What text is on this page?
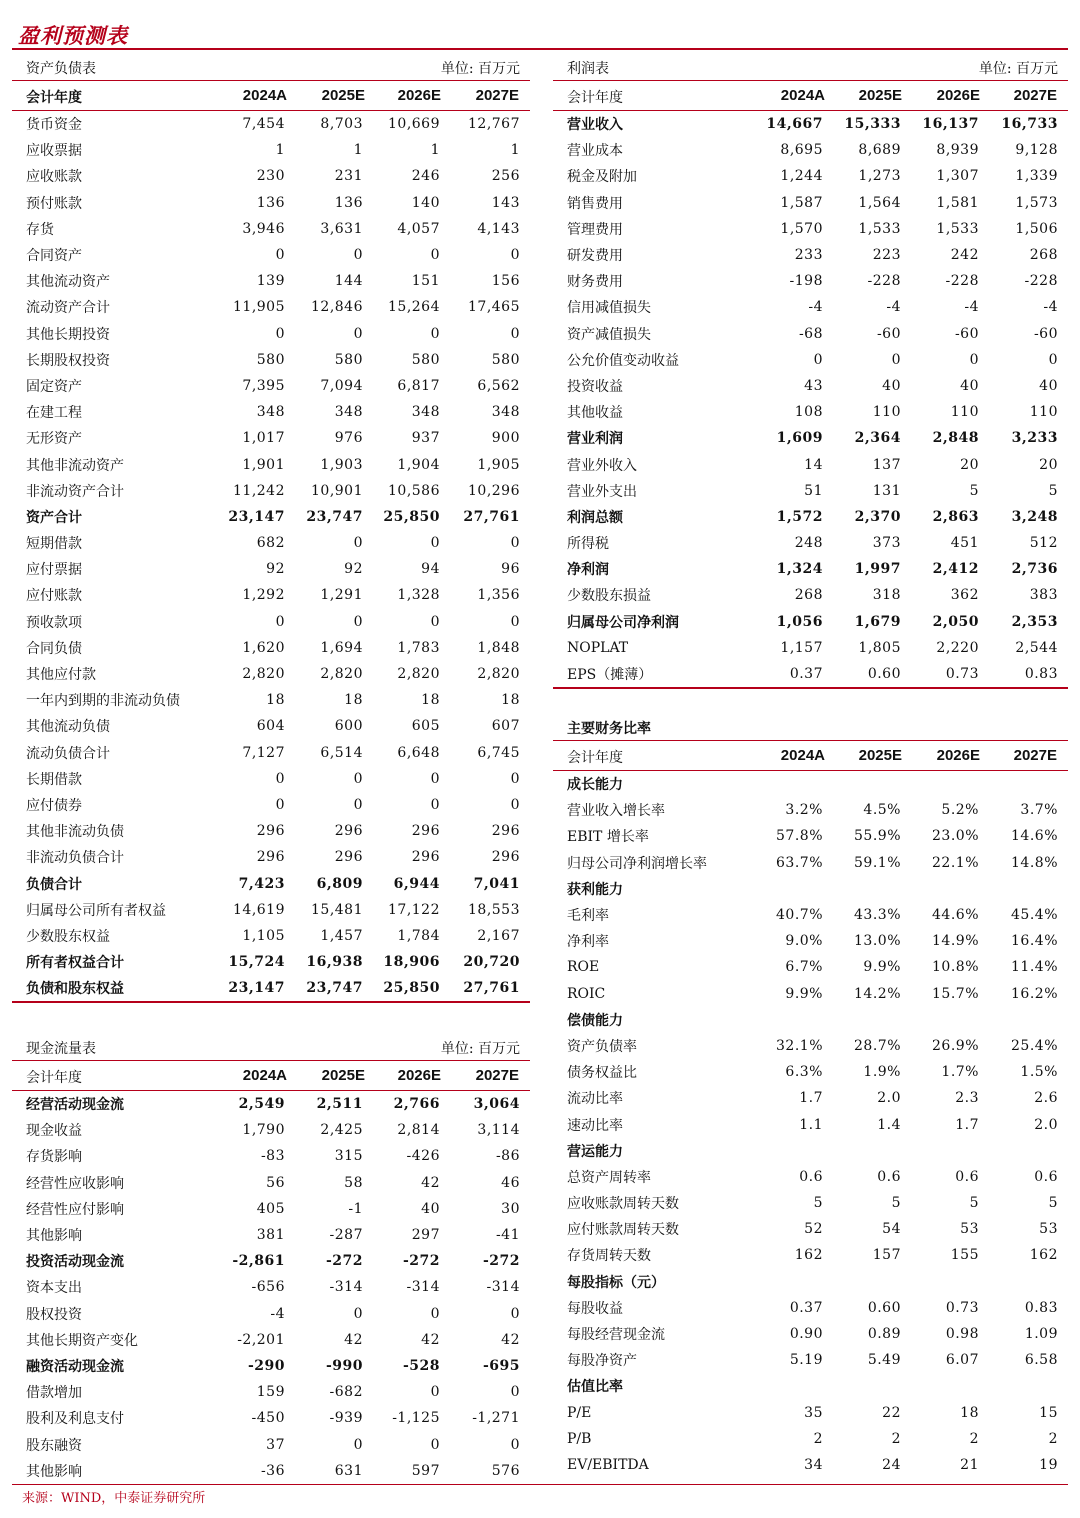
盈利预测表
资产负债表	单位: 百万元
会计年度	2024A	2025E	2026E	2027E
货币资金	7,454	8,703	10,669	12,767
应收票据	1	1	1	1
应收账款	230	231	246	256
预付账款	136	136	140	143
存货	3,946	3,631	4,057	4,143
合同资产	0	0	0	0
其他流动资产	139	144	151	156
流动资产合计	11,905	12,846	15,264	17,465
其他长期投资	0	0	0	0
长期股权投资	580	580	580	580
固定资产	7,395	7,094	6,817	6,562
在建工程	348	348	348	348
无形资产	1,017	976	937	900
其他非流动资产	1,901	1,903	1,904	1,905
非流动资产合计	11,242	10,901	10,586	10,296
资产合计	23,147	23,747	25,850	27,761
短期借款	682	0	0	0
应付票据	92	92	94	96
应付账款	1,292	1,291	1,328	1,356
预收款项	0	0	0	0
合同负债	1,620	1,694	1,783	1,848
其他应付款	2,820	2,820	2,820	2,820
一年内到期的非流动负债	18	18	18	18
其他流动负债	604	600	605	607
流动负债合计	7,127	6,514	6,648	6,745
长期借款	0	0	0	0
应付债券	0	0	0	0
其他非流动负债	296	296	296	296
非流动负债合计	296	296	296	296
负债合计	7,423	6,809	6,944	7,041
归属母公司所有者权益	14,619	15,481	17,122	18,553
少数股东权益	1,105	1,457	1,784	2,167
所有者权益合计	15,724	16,938	18,906	20,720
负债和股东权益	23,147	23,747	25,850	27,761
现金流量表	单位: 百万元
会计年度	2024A	2025E	2026E	2027E
经营活动现金流	2,549	2,511	2,766	3,064
现金收益	1,790	2,425	2,814	3,114
存货影响	-83	315	-426	-86
经营性应收影响	56	58	42	46
经营性应付影响	405	-1	40	30
其他影响	381	-287	297	-41
投资活动现金流	-2,861	-272	-272	-272
资本支出	-656	-314	-314	-314
股权投资	-4	0	0	0
其他长期资产变化	-2,201	42	42	42
融资活动现金流	-290	-990	-528	-695
借款增加	159	-682	0	0
股利及利息支付	-450	-939	-1,125	-1,271
股东融资	37	0	0	0
其他影响	-36	631	597	576
利润表	单位: 百万元
会计年度	2024A	2025E	2026E	2027E
营业收入	14,667	15,333	16,137	16,733
营业成本	8,695	8,689	8,939	9,128
税金及附加	1,244	1,273	1,307	1,339
销售费用	1,587	1,564	1,581	1,573
管理费用	1,570	1,533	1,533	1,506
研发费用	233	223	242	268
财务费用	-198	-228	-228	-228
信用减值损失	-4	-4	-4	-4
资产减值损失	-68	-60	-60	-60
公允价值变动收益	0	0	0	0
投资收益	43	40	40	40
其他收益	108	110	110	110
营业利润	1,609	2,364	2,848	3,233
营业外收入	14	137	20	20
营业外支出	51	131	5	5
利润总额	1,572	2,370	2,863	3,248
所得税	248	373	451	512
净利润	1,324	1,997	2,412	2,736
少数股东损益	268	318	362	383
归属母公司净利润	1,056	1,679	2,050	2,353
NOPLAT	1,157	1,805	2,220	2,544
EPS（摊薄）	0.37	0.60	0.73	0.83
主要财务比率
会计年度	2024A	2025E	2026E	2027E
成长能力				
营业收入增长率	3.2%	4.5%	5.2%	3.7%
EBIT 增长率	57.8%	55.9%	23.0%	14.6%
归母公司净利润增长率	63.7%	59.1%	22.1%	14.8%
获利能力				
毛利率	40.7%	43.3%	44.6%	45.4%
净利率	9.0%	13.0%	14.9%	16.4%
ROE	6.7%	9.9%	10.8%	11.4%
ROIC	9.9%	14.2%	15.7%	16.2%
偿债能力				
资产负债率	32.1%	28.7%	26.9%	25.4%
债务权益比	6.3%	1.9%	1.7%	1.5%
流动比率	1.7	2.0	2.3	2.6
速动比率	1.1	1.4	1.7	2.0
营运能力				
总资产周转率	0.6	0.6	0.6	0.6
应收账款周转天数	5	5	5	5
应付账款周转天数	52	54	53	53
存货周转天数	162	157	155	162
每股指标（元）				
每股收益	0.37	0.60	0.73	0.83
每股经营现金流	0.90	0.89	0.98	1.09
每股净资产	5.19	5.49	6.07	6.58
估值比率				
P/E	35	22	18	15
P/B	2	2	2	2
EV/EBITDA	34	24	21	19
来源：WIND，中泰证券研究所
